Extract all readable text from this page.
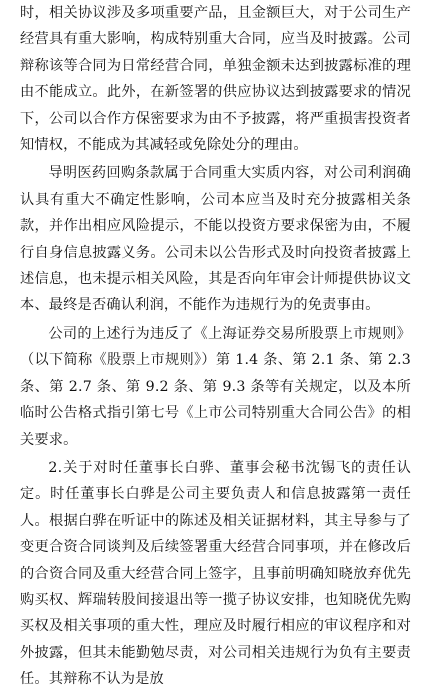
时，相关协议涉及多项重要产品，且金额巨大，对于公司生产经营具有重大影响，构成特别重大合同，应当及时披露。公司辩称该等合同为日常经营合同，单独金额未达到披露标准的理由不能成立。此外，在新签署的供应协议达到披露要求的情况下，公司以合作方保密要求为由不予披露，将严重损害投资者知情权，不能成为其减轻或免除处分的理由。

导明医药回购条款属于合同重大实质内容，对公司利润确认具有重大不确定性影响，公司本应当及时充分披露相关条款，并作出相应风险提示，不能以投资方要求保密为由，不履行自身信息披露义务。公司未以公告形式及时向投资者披露上述信息，也未提示相关风险，其是否向年审会计师提供协议文本、最终是否确认利润，不能作为违规行为的免责事由。

公司的上述行为违反了《上海证券交易所股票上市规则》（以下简称《股票上市规则》）第 1.4 条、第 2.1 条、第 2.3 条、第 2.7 条、第 9.2 条、第 9.3 条等有关规定，以及本所临时公告格式指引第七号《上市公司特别重大合同公告》的相关要求。

2.关于对时任董事长白骅、董事会秘书沈锡飞的责任认定。时任董事长白骅是公司主要负责人和信息披露第一责任人。根据白骅在听证中的陈述及相关证据材料，其主导参与了变更合资合同谈判及后续签署重大经营合同事项，并在修改后的合资合同及重大经营合同上签字，且事前明确知晓放弃优先购买权、辉瑞转股间接退出等一揽子协议安排，也知晓优先购买权及相关事项的重大性，理应及时履行相应的审议程序和对外披露，但其未能勤勉尽责，对公司相关违规行为负有主要责任。其辩称不认为是放
